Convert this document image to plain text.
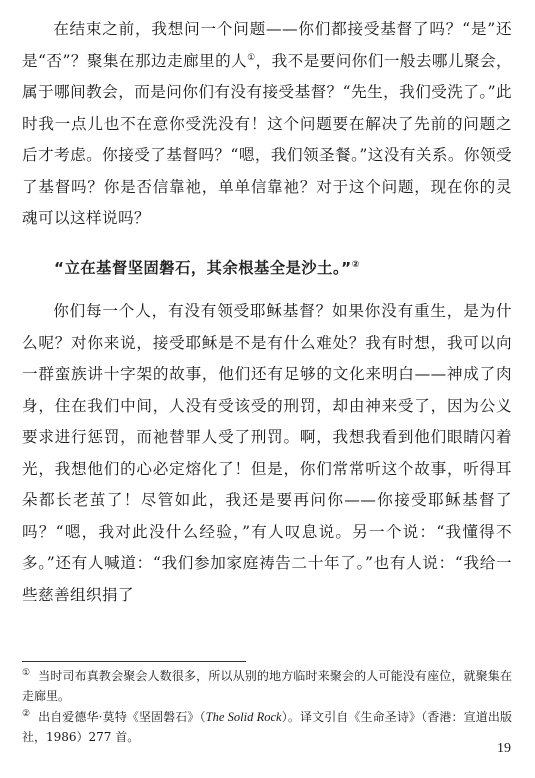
在结束之前，我想问一个问题——你们都接受基督了吗？“是”还是“否”？聚集在那边走廊里的人①，我不是要问你们一般去哪儿聚会，属于哪间教会，而是问你们有没有接受基督？“先生，我们受洗了。”此时我一点儿也不在意你受洗没有！这个问题要在解决了先前的问题之后才考虑。你接受了基督吗？“嗯，我们领圣餐。”这没有关系。你领受了基督吗？你是否信靠祂，单单信靠祂？对于这个问题，现在你的灵魂可以这样说吗？

“立在基督坚固磐石，其余根基全是沙土。”②

你们每一个人，有没有领受耶稣基督？如果你没有重生，是为什么呢？对你来说，接受耶稣是不是有什么难处？我有时想，我可以向一群蛮族讲十字架的故事，他们还有足够的文化来明白——神成了肉身，住在我们中间，人没有受该受的刑罚，却由神来受了，因为公义要求进行惩罚，而祂替罪人受了刑罚。啊，我想我看到他们眼睛闪着光，我想他们的心必定熔化了！但是，你们常常听这个故事，听得耳朵都长老茧了！尽管如此，我还是要再问你——你接受耶稣基督了吗？“嗯，我对此没什么经验，”有人叹息说。另一个说：“我懂得不多。”还有人喊道：“我们参加家庭祷告二十年了。”也有人说：“我给一些慈善组织捐了

① 当时司布真教会聚会人数很多，所以从别的地方临时来聚会的人可能没有座位，就聚集在走廊里。

② 出自爱德华·莫特《坚固磐石》（The Solid Rock）。译文引自《生命圣诗》（香港：宣道出版社，1986）277 首。

19
